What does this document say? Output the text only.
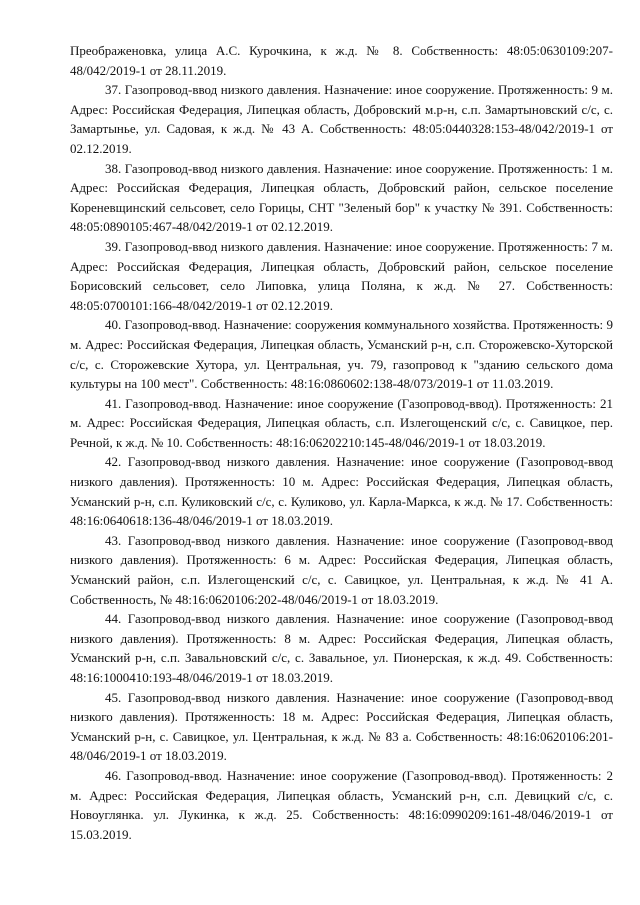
Преображеновка, улица А.С. Курочкина, к ж.д. № 8. Собственность: 48:05:0630109:207-48/042/2019-1 от 28.11.2019.

37. Газопровод-ввод низкого давления. Назначение: иное сооружение. Протяженность: 9 м. Адрес: Российская Федерация, Липецкая область, Добровский м.р-н, с.п. Замартыновский с/с, с. Замартынье, ул. Садовая, к ж.д. № 43 А. Собственность: 48:05:0440328:153-48/042/2019-1 от 02.12.2019.

38. Газопровод-ввод низкого давления. Назначение: иное сооружение. Протяженность: 1 м. Адрес: Российская Федерация, Липецкая область, Добровский район, сельское поселение Кореневщинский сельсовет, село Горицы, СНТ "Зеленый бор" к участку № 391. Собственность: 48:05:0890105:467-48/042/2019-1 от 02.12.2019.

39. Газопровод-ввод низкого давления. Назначение: иное сооружение. Протяженность: 7 м. Адрес: Российская Федерация, Липецкая область, Добровский район, сельское поселение Борисовский сельсовет, село Липовка, улица Поляна, к ж.д. № 27. Собственность: 48:05:0700101:166-48/042/2019-1 от 02.12.2019.

40. Газопровод-ввод. Назначение: сооружения коммунального хозяйства. Протяженность: 9 м. Адрес: Российская Федерация, Липецкая область, Усманский р-н, с.п. Сторожевско-Хуторской с/с, с. Сторожевские Хутора, ул. Центральная, уч. 79, газопровод к "зданию сельского дома культуры на 100 мест". Собственность: 48:16:0860602:138-48/073/2019-1 от 11.03.2019.

41. Газопровод-ввод. Назначение: иное сооружение (Газопровод-ввод). Протяженность: 21 м. Адрес: Российская Федерация, Липецкая область, с.п. Излегощенский с/с, с. Савицкое, пер. Речной, к ж.д. № 10. Собственность: 48:16:06202210:145-48/046/2019-1 от 18.03.2019.

42. Газопровод-ввод низкого давления. Назначение: иное сооружение (Газопровод-ввод низкого давления). Протяженность: 10 м. Адрес: Российская Федерация, Липецкая область, Усманский р-н, с.п. Куликовский с/с, с. Куликово, ул. Карла-Маркса, к ж.д. № 17. Собственность: 48:16:0640618:136-48/046/2019-1 от 18.03.2019.

43. Газопровод-ввод низкого давления. Назначение: иное сооружение (Газопровод-ввод низкого давления). Протяженность: 6 м. Адрес: Российская Федерация, Липецкая область, Усманский район, с.п. Излегощенский с/с, с. Савицкое, ул. Центральная, к ж.д. № 41 А. Собственность, № 48:16:0620106:202-48/046/2019-1 от 18.03.2019.

44. Газопровод-ввод низкого давления. Назначение: иное сооружение (Газопровод-ввод низкого давления). Протяженность: 8 м. Адрес: Российская Федерация, Липецкая область, Усманский р-н, с.п. Завальновский с/с, с. Завальное, ул. Пионерская, к ж.д. 49. Собственность: 48:16:1000410:193-48/046/2019-1 от 18.03.2019.

45. Газопровод-ввод низкого давления. Назначение: иное сооружение (Газопровод-ввод низкого давления). Протяженность: 18 м. Адрес: Российская Федерация, Липецкая область, Усманский р-н, с. Савицкое, ул. Центральная, к ж.д. № 83 а. Собственность: 48:16:0620106:201-48/046/2019-1 от 18.03.2019.

46. Газопровод-ввод. Назначение: иное сооружение (Газопровод-ввод). Протяженность: 2 м. Адрес: Российская Федерация, Липецкая область, Усманский р-н, с.п. Девицкий с/с, с. Новоуглянка. ул. Лукинка, к ж.д. 25. Собственность: 48:16:0990209:161-48/046/2019-1 от 15.03.2019.
